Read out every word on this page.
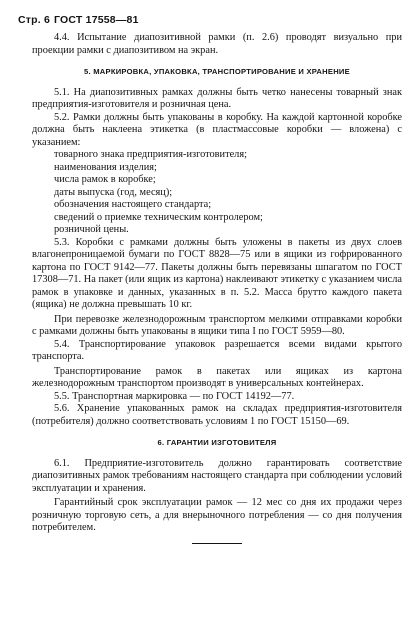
Стр. 6 ГОСТ 17558—81

4.4. Испытание диапозитивной рамки (п. 2.6) проводят визуально при проекции рамки с диапозитивом на экран.

5. МАРКИРОВКА, УПАКОВКА, ТРАНСПОРТИРОВАНИЕ И ХРАНЕНИЕ

5.1. На диапозитивных рамках должны быть четко нанесены товарный знак предприятия-изготовителя и розничная цена.

5.2. Рамки должны быть упакованы в коробку. На каждой картонной коробке должна быть наклеена этикетка (в пластмассовые коробки — вложена) с указанием:

товарного знака предприятия-изготовителя;

наименования изделия;

числа рамок в коробке;

даты выпуска (год, месяц);

обозначения настоящего стандарта;

сведений о приемке техническим контролером;

розничной цены.

5.3. Коробки с рамками должны быть уложены в пакеты из двух слоев влагонепроницаемой бумаги по ГОСТ 8828—75 или в ящики из гофрированного картона по ГОСТ 9142—77. Пакеты должны быть перевязаны шпагатом по ГОСТ 17308—71. На пакет (или ящик из картона) наклеивают этикетку с указанием числа рамок в упаковке и данных, указанных в п. 5.2. Масса брутто каждого пакета (ящика) не должна превышать 10 кг.

При перевозке железнодорожным транспортом мелкими отправками коробки с рамками должны быть упакованы в ящики типа I по ГОСТ 5959—80.

5.4. Транспортирование упаковок разрешается всеми видами крытого транспорта.

Транспортирование рамок в пакетах или ящиках из картона железнодорожным транспортом производят в универсальных контейнерах.

5.5. Транспортная маркировка — по ГОСТ 14192—77.

5.6. Хранение упакованных рамок на складах предприятия-изготовителя (потребителя) должно соответствовать условиям 1 по ГОСТ 15150—69.

6. ГАРАНТИИ ИЗГОТОВИТЕЛЯ

6.1. Предприятие-изготовитель должно гарантировать соответствие диапозитивных рамок требованиям настоящего стандарта при соблюдении условий эксплуатации и хранения.

Гарантийный срок эксплуатации рамок — 12 мес со дня их продажи через розничную торговую сеть, а для внерыночного потребления — со дня получения потребителем.
